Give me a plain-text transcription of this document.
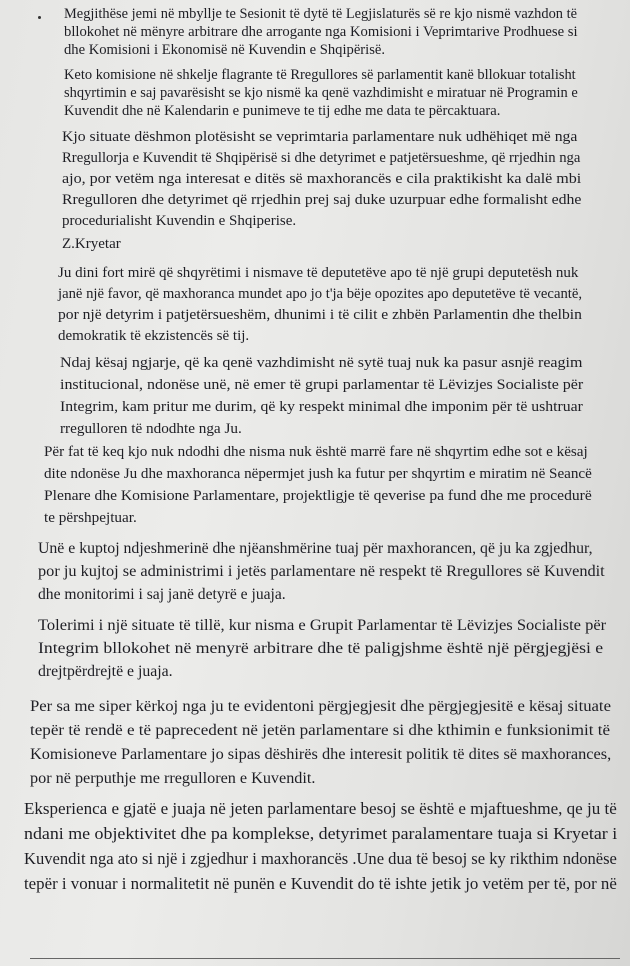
Megjithëse jemi në mbyllje te Sesionit të dytë të Legjislaturës së re kjo nismë vazhdon të
bllokohet në mënyre arbitrare dhe arrogante nga Komisioni i Veprimtarive Prodhuese si
dhe Komisioni i Ekonomisë në Kuvendin e Shqipërisë.
Keto komisione në shkelje flagrante të Rregullores së parlamentit kanë bllokuar totalisht
shqyrtimin e saj pavarësisht se kjo nismë ka qenë vazhdimisht e miratuar në Programin e
Kuvendit dhe në Kalendarin e punimeve te tij edhe me data te përcaktuara.
Kjo situate dëshmon plotësisht se veprimtaria parlamentare nuk udhëhiqet më nga
Rregullorja e Kuvendit të Shqipërisë si dhe detyrimet e patjetërsueshme, që rrjedhin nga
ajo, por vetëm nga interesat e ditës së maxhorancës e cila praktikisht ka dalë mbi
Rregulloren dhe detyrimet që rrjedhin prej saj duke uzurpuar edhe formalisht edhe
procedurialisht Kuvendin e Shqiperise.
Z.Kryetar
Ju dini fort mirë që shqyrëtimi i nismave të deputetëve apo të një grupi deputetësh nuk
janë një favor, që maxhoranca mundet apo jo t'ja bëje opozites apo deputetëve të vecantë,
por një detyrim i patjetërsueshëm, dhunimi i të cilit e zhbën Parlamentin dhe thelbin
demokratik të ekzistencës së tij.
Ndaj kësaj ngjarje, që ka qenë vazhdimisht në sytë tuaj nuk ka pasur asnjë reagim
institucional, ndonëse unë, në emer të grupi parlamentar të Lëvizjes Socialiste për
Integrim, kam pritur me durim, që ky respekt minimal dhe imponim për të ushtruar
rregulloren të ndodhte nga Ju.
Për fat të keq kjo nuk ndodhi dhe nisma nuk është marrë fare në shqyrtim edhe sot e kësaj
dite ndonëse Ju dhe maxhoranca nëpermjet jush ka futur per shqyrtim e miratim në Seancë
Plenare dhe Komisione Parlamentare, projektligje të qeverise pa fund dhe me procedurë
te përshpejtuar.
Unë e kuptoj ndjeshmerinë dhe njëanshmërine tuaj për maxhorancen, që ju ka zgjedhur,
por ju kujtoj se administrimi i jetës parlamentare në respekt të Rregullores së Kuvendit
dhe monitorimi i saj janë detyrë e juaja.
Tolerimi i një situate të tillë, kur nisma e Grupit Parlamentar të Lëvizjes Socialiste për
Integrim bllokohet në menyrë arbitrare dhe të paligjshme është një përgjegjësi e
drejtpërdrejtë e juaja.
Per sa me siper kërkoj nga ju te evidentoni përgjegjesit dhe përgjegjesitë e kësaj situate
tepër të rendë e të paprecedent në jetën parlamentare si dhe kthimin e funksionimit të
Komisioneve Parlamentare jo sipas dëshirës dhe interesit politik të dites së maxhorances,
por në perputhje me rregulloren e Kuvendit.
Eksperienca e gjatë e juaja në jeten parlamentare besoj se është e mjaftueshme, qe ju të
ndani me objektivitet dhe pa komplekse, detyrimet paralamentare tuaja si Kryetar i
Kuvendit nga ato si një i zgjedhur i maxhorancës .Une dua të besoj se ky rikthim ndonëse
tepër i vonuar i normalitetit në punën e Kuvendit do të ishte jetik jo vetëm per të, por në
